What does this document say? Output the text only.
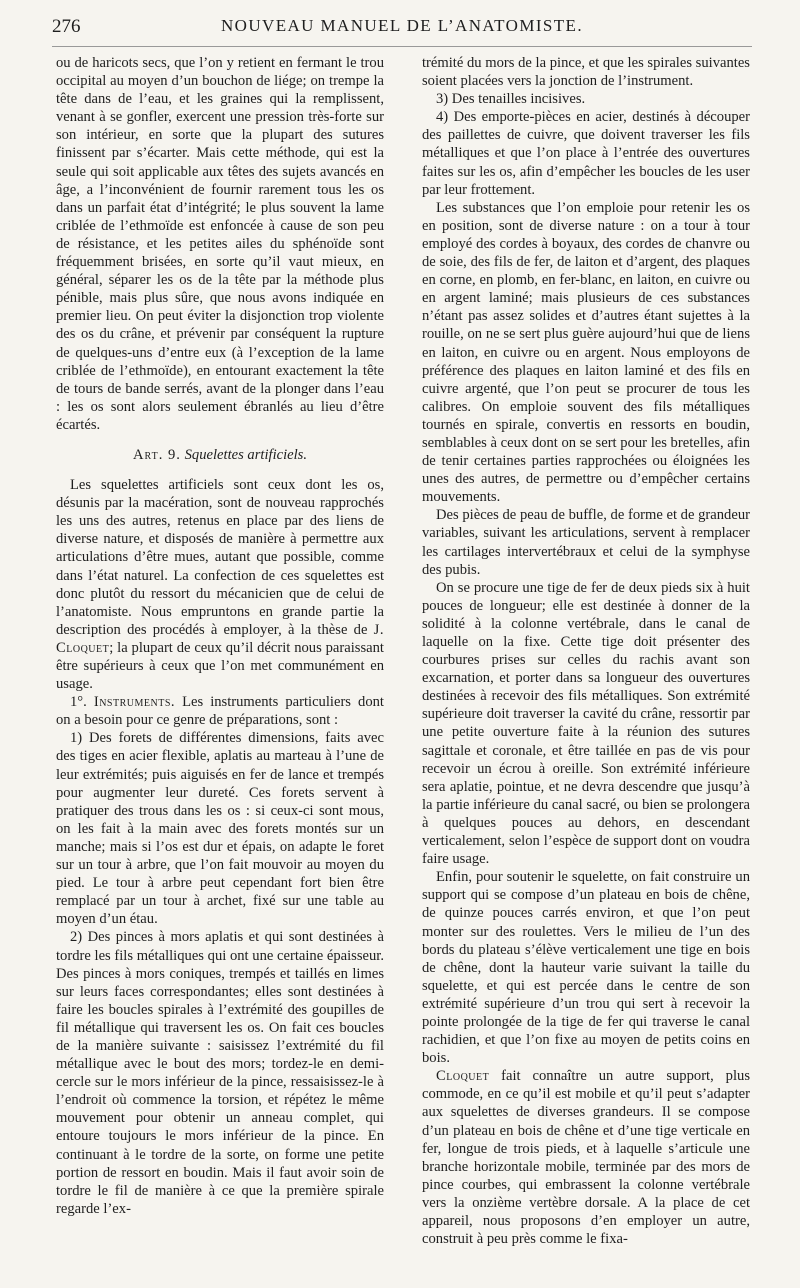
276	NOUVEAU MANUEL DE L’ANATOMISTE.

ou de haricots secs, que l’on y retient en fermant le trou occipital au moyen d’un bouchon de liége; on trempe la tête dans de l’eau, et les graines qui la remplissent, venant à se gonfler, exercent une pression très-forte sur son intérieur, en sorte que la plupart des sutures finissent par s’écarter. Mais cette méthode, qui est la seule qui soit applicable aux têtes des sujets avancés en âge, a l’inconvénient de fournir rarement tous les os dans un parfait état d’intégrité; le plus souvent la lame criblée de l’ethmoïde est enfoncée à cause de son peu de résistance, et les petites ailes du sphénoïde sont fréquemment brisées, en sorte qu’il vaut mieux, en général, séparer les os de la tête par la méthode plus pénible, mais plus sûre, que nous avons indiquée en premier lieu. On peut éviter la disjonction trop violente des os du crâne, et prévenir par conséquent la rupture de quelques-uns d’entre eux (à l’exception de la lame criblée de l’ethmoïde), en entourant exactement la tête de tours de bande serrés, avant de la plonger dans l’eau : les os sont alors seulement ébranlés au lieu d’être écartés.

Art. 9. Squelettes artificiels.

Les squelettes artificiels sont ceux dont les os, désunis par la macération, sont de nouveau rapprochés les uns des autres, retenus en place par des liens de diverse nature, et disposés de manière à permettre aux articulations d’être mues, autant que possible, comme dans l’état naturel. La confection de ces squelettes est donc plutôt du ressort du mécanicien que de celui de l’anatomiste. Nous empruntons en grande partie la description des procédés à employer, à la thèse de J. Cloquet; la plupart de ceux qu’il décrit nous paraissant être supérieurs à ceux que l’on met communément en usage.

1°. Instruments. Les instruments particuliers dont on a besoin pour ce genre de préparations, sont :

1) Des forets de différentes dimensions, faits avec des tiges en acier flexible, aplatis au marteau à l’une de leur extrémités; puis aiguisés en fer de lance et trempés pour augmenter leur dureté. Ces forets servent à pratiquer des trous dans les os : si ceux-ci sont mous, on les fait à la main avec des forets montés sur un manche; mais si l’os est dur et épais, on adapte le foret sur un tour à arbre, que l’on fait mouvoir au moyen du pied. Le tour à arbre peut cependant fort bien être remplacé par un tour à archet, fixé sur une table au moyen d’un étau.

2) Des pinces à mors aplatis et qui sont destinées à tordre les fils métalliques qui ont une certaine épaisseur. Des pinces à mors coniques, trempés et taillés en limes sur leurs faces correspondantes; elles sont destinées à faire les boucles spirales à l’extrémité des goupilles de fil métallique qui traversent les os. On fait ces boucles de la manière suivante : saisissez l’extrémité du fil métallique avec le bout des mors; tordez-le en demi-cercle sur le mors inférieur de la pince, ressaisissez-le à l’endroit où commence la torsion, et répétez le même mouvement pour obtenir un anneau complet, qui entoure toujours le mors inférieur de la pince. En continuant à le tordre de la sorte, on forme une petite portion de ressort en boudin. Mais il faut avoir soin de tordre le fil de manière à ce que la première spirale regarde l’ex-

trémité du mors de la pince, et que les spirales suivantes soient placées vers la jonction de l’instrument.

3) Des tenailles incisives.

4) Des emporte-pièces en acier, destinés à découper des paillettes de cuivre, que doivent traverser les fils métalliques et que l’on place à l’entrée des ouvertures faites sur les os, afin d’empêcher les boucles de les user par leur frottement.

Les substances que l’on emploie pour retenir les os en position, sont de diverse nature : on a tour à tour employé des cordes à boyaux, des cordes de chanvre ou de soie, des fils de fer, de laiton et d’argent, des plaques en corne, en plomb, en fer-blanc, en laiton, en cuivre ou en argent laminé; mais plusieurs de ces substances n’étant pas assez solides et d’autres étant sujettes à la rouille, on ne se sert plus guère aujourd’hui que de liens en laiton, en cuivre ou en argent. Nous employons de préférence des plaques en laiton laminé et des fils en cuivre argenté, que l’on peut se procurer de tous les calibres. On emploie souvent des fils métalliques tournés en spirale, convertis en ressorts en boudin, semblables à ceux dont on se sert pour les bretelles, afin de tenir certaines parties rapprochées ou éloignées les unes des autres, de permettre ou d’empêcher certains mouvements.

Des pièces de peau de buffle, de forme et de grandeur variables, suivant les articulations, servent à remplacer les cartilages intervertébraux et celui de la symphyse des pubis.

On se procure une tige de fer de deux pieds six à huit pouces de longueur; elle est destinée à donner de la solidité à la colonne vertébrale, dans le canal de laquelle on la fixe. Cette tige doit présenter des courbures prises sur celles du rachis avant son excarnation, et porter dans sa longueur des ouvertures destinées à recevoir des fils métalliques. Son extrémité supérieure doit traverser la cavité du crâne, ressortir par une petite ouverture faite à la réunion des sutures sagittale et coronale, et être taillée en pas de vis pour recevoir un écrou à oreille. Son extrémité inférieure sera aplatie, pointue, et ne devra descendre que jusqu’à la partie inférieure du canal sacré, ou bien se prolongera à quelques pouces au dehors, en descendant verticalement, selon l’espèce de support dont on voudra faire usage.

Enfin, pour soutenir le squelette, on fait construire un support qui se compose d’un plateau en bois de chêne, de quinze pouces carrés environ, et que l’on peut monter sur des roulettes. Vers le milieu de l’un des bords du plateau s’élève verticalement une tige en bois de chêne, dont la hauteur varie suivant la taille du squelette, et qui est percée dans le centre de son extrémité supérieure d’un trou qui sert à recevoir la pointe prolongée de la tige de fer qui traverse le canal rachidien, et que l’on fixe au moyen de petits coins en bois.

Cloquet fait connaître un autre support, plus commode, en ce qu’il est mobile et qu’il peut s’adapter aux squelettes de diverses grandeurs. Il se compose d’un plateau en bois de chêne et d’une tige verticale en fer, longue de trois pieds, et à laquelle s’articule une branche horizontale mobile, terminée par des mors de pince courbes, qui embrassent la colonne vertébrale vers la onzième vertèbre dorsale. A la place de cet appareil, nous proposons d’en employer un autre, construit à peu près comme le fixa-
